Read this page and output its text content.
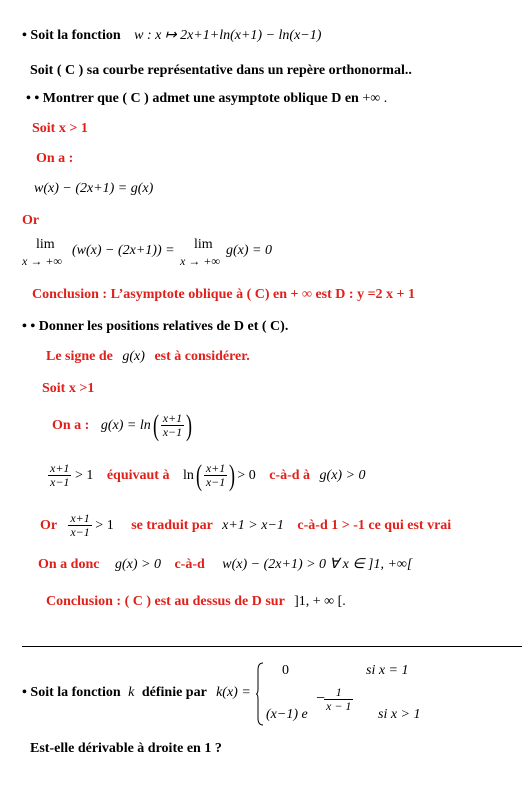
• Soit la fonction w : x ↦ 2x+1+ln(x+1) − ln(x−1)
Soit ( C ) sa courbe représentative dans un repère orthonormal..
• • Montrer que ( C ) admet une asymptote oblique D en +∞ .
Soit x > 1
On a :
w(x) − (2x+1) = g(x)
Or
lim
x → +∞
(w(x) − (2x+1)) = lim
x → +∞
g(x) = 0
Conclusion : L’asymptote oblique à ( C) en + ∞ est D : y =2 x + 1
• • Donner les positions relatives de D et ( C).
Le signe de g(x) est à considérer.
Soit x >1
On a : $g(x) = \ln( \frac{x+1}{x-1}$ )
$\frac{x+1}{x-1} > 1$ équivaut à $\ln( \frac{x+1}{x-1}$ ) > 0 c-à-d à g(x) > 0
Or $\frac{x+1}{x-1} > 1$ se traduit par x+1 > x−1 c-à-d 1 > -1 ce qui est vrai
On a donc g(x) > 0 c-à-d w(x) − (2x+1) > 0 ∀ x ∈ ]1, +∞[
Conclusion : ( C ) est au dessus de D sur ]1, + ∞ [.
• Soit la fonction k définie par k(x) =
0	si x = 1
(x−1) e
−
$\frac{1}{x - 1}$
si x > 1
Est-elle dérivable à droite en 1 ?
